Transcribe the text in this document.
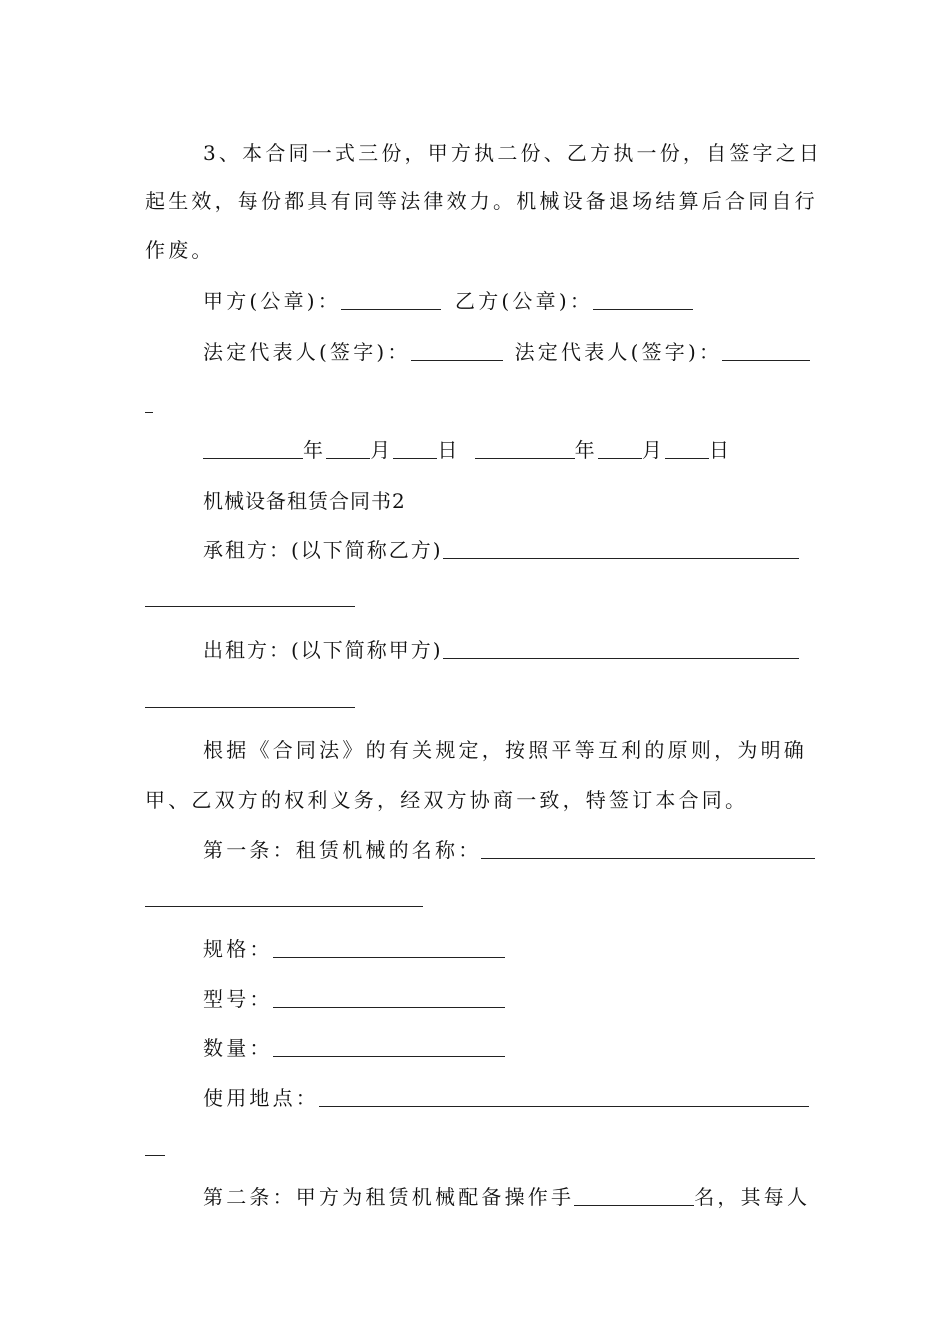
3、本合同一式三份，甲方执二份、乙方执一份，自签字之日
起生效，每份都具有同等法律效力。机械设备退场结算后合同自行
作废。
甲方(公章)：	乙方(公章)：
法定代表人(签字)：	法定代表人(签字)：
年 月 日	年 月 日
机械设备租赁合同书2
承租方：(以下简称乙方)
出租方：(以下简称甲方)
根据《合同法》的有关规定，按照平等互利的原则，为明确
甲、乙双方的权利义务，经双方协商一致，特签订本合同。
第一条：租赁机械的名称：
规格：
型号：
数量：
使用地点：
第二条：甲方为租赁机械配备操作手	名，其每人
